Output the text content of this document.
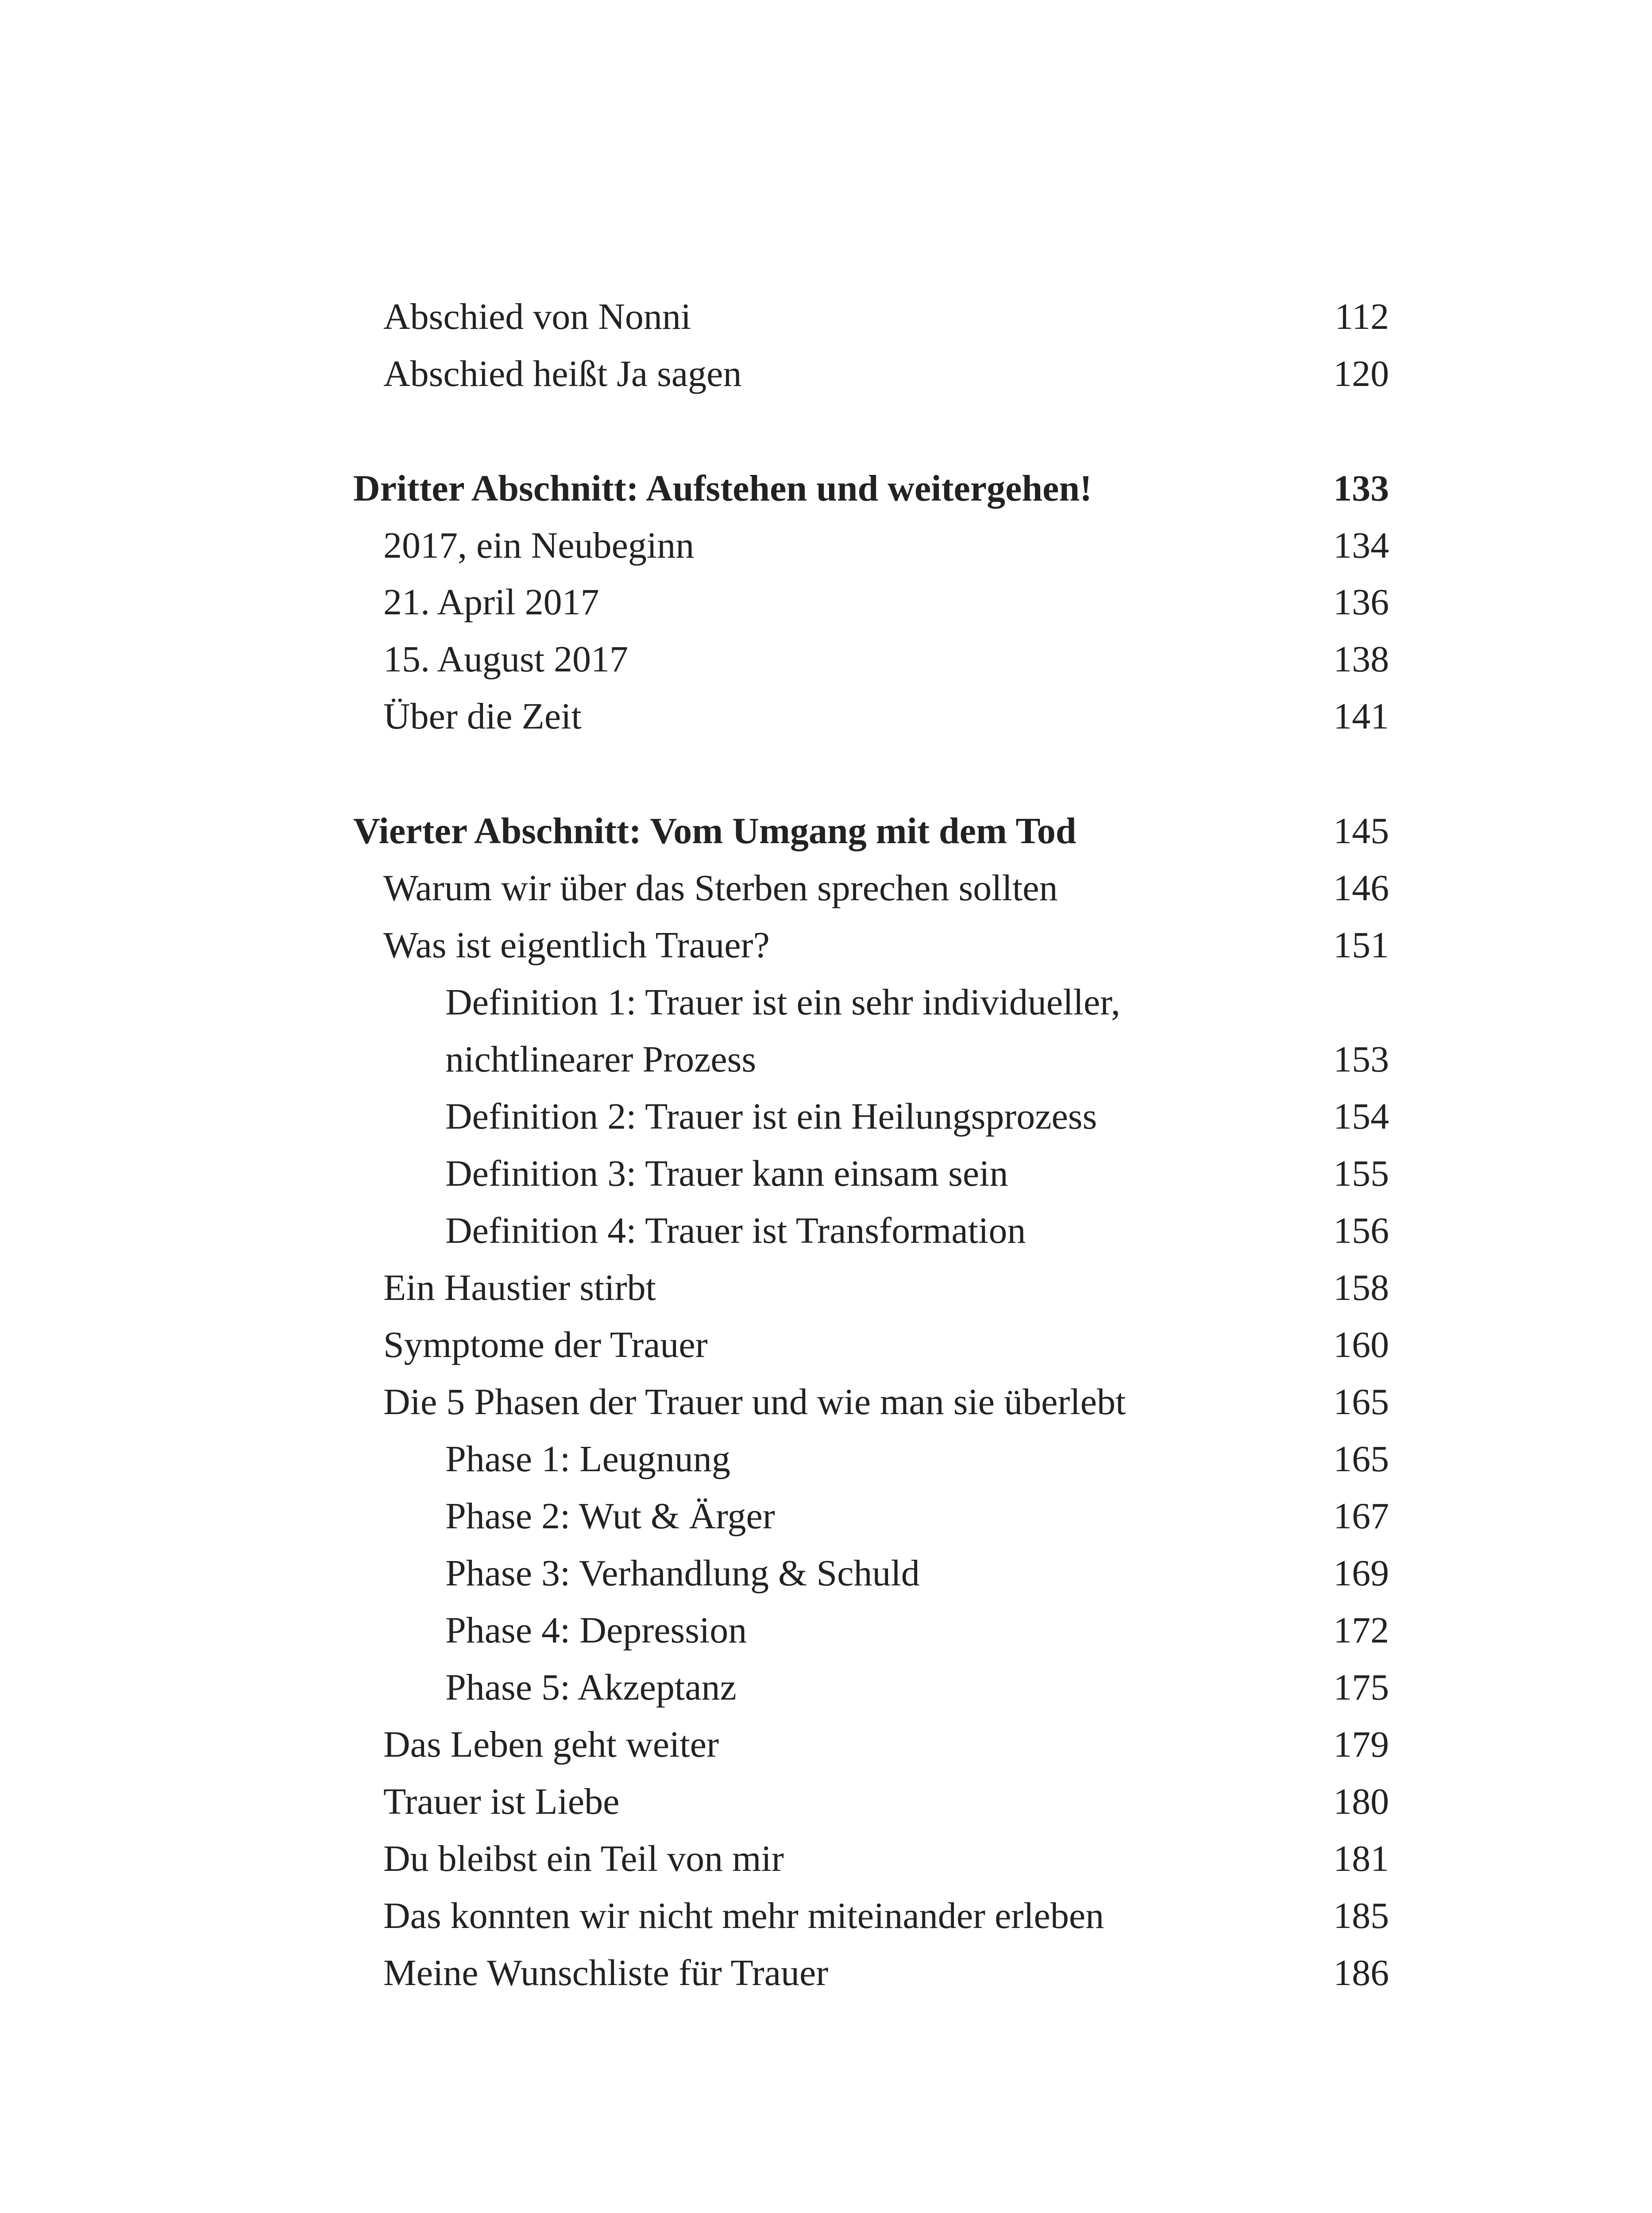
Abschied von Nonni	112
Abschied heißt Ja sagen	120
Dritter Abschnitt: Aufstehen und weitergehen!	133
2017, ein Neubeginn	134
21. April 2017	136
15. August 2017	138
Über die Zeit	141
Vierter Abschnitt: Vom Umgang mit dem Tod	145
Warum wir über das Sterben sprechen sollten	146
Was ist eigentlich Trauer?	151
Definition 1: Trauer ist ein sehr individueller,
nichtlinearer Prozess	153
Definition 2: Trauer ist ein Heilungsprozess	154
Definition 3: Trauer kann einsam sein	155
Definition 4: Trauer ist Transformation	156
Ein Haustier stirbt	158
Symptome der Trauer	160
Die 5 Phasen der Trauer und wie man sie überlebt	165
Phase 1: Leugnung	165
Phase 2: Wut & Ärger	167
Phase 3: Verhandlung & Schuld	169
Phase 4: Depression	172
Phase 5: Akzeptanz	175
Das Leben geht weiter	179
Trauer ist Liebe	180
Du bleibst ein Teil von mir	181
Das konnten wir nicht mehr miteinander erleben	185
Meine Wunschliste für Trauer	186
